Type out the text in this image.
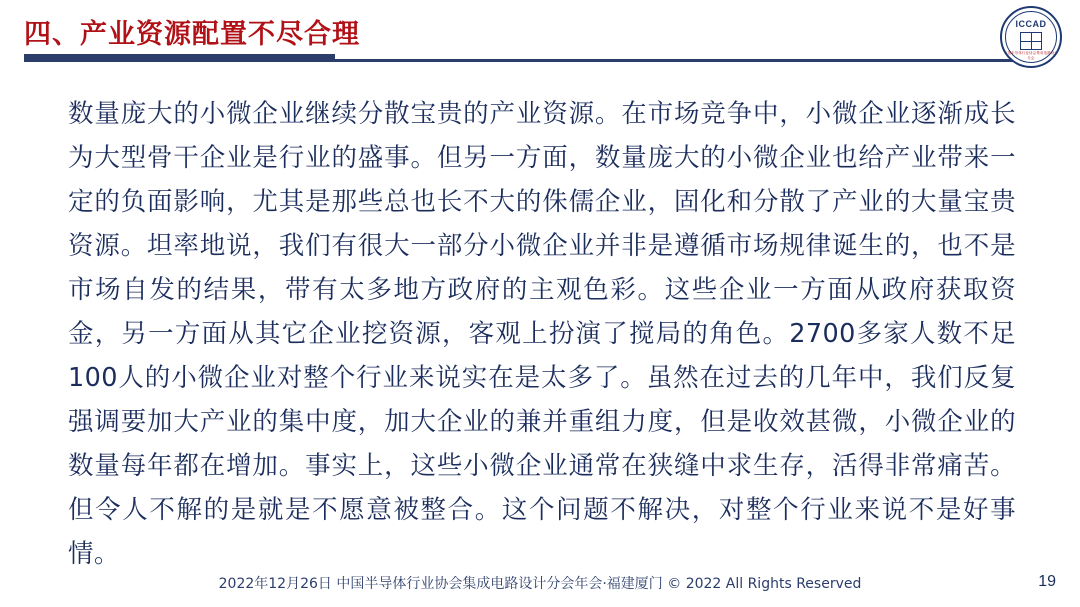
四、产业资源配置不尽合理	ICCAD
中国半导体行业协会集成电路设计分会
数量庞大的小微企业继续分散宝贵的产业资源。在市场竞争中，小微企业逐渐成长为大型骨干企业是行业的盛事。但另一方面，数量庞大的小微企业也给产业带来一定的负面影响，尤其是那些总也长不大的侏儒企业，固化和分散了产业的大量宝贵资源。坦率地说，我们有很大一部分小微企业并非是遵循市场规律诞生的，也不是市场自发的结果，带有太多地方政府的主观色彩。这些企业一方面从政府获取资金，另一方面从其它企业挖资源，客观上扮演了搅局的角色。2700多家人数不足100人的小微企业对整个行业来说实在是太多了。虽然在过去的几年中，我们反复强调要加大产业的集中度，加大企业的兼并重组力度，但是收效甚微，小微企业的数量每年都在增加。事实上，这些小微企业通常在狭缝中求生存，活得非常痛苦。但令人不解的是就是不愿意被整合。这个问题不解决，对整个行业来说不是好事情。
2022年12月26日 中国半导体行业协会集成电路设计分会年会·福建厦门 © 2022 All Rights Reserved	19
